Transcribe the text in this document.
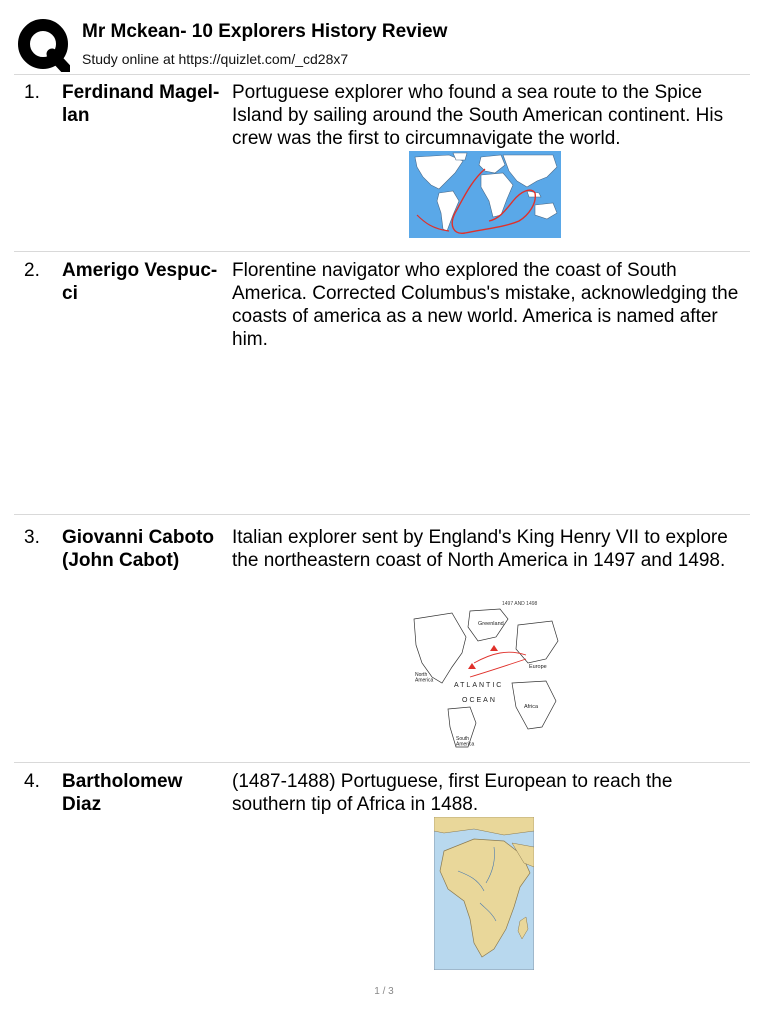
Mr Mckean- 10 Explorers History Review
Study online at https://quizlet.com/_cd28x7
1. Ferdinand Magel-
lan
Portuguese explorer who found a sea route to the Spice Island by sailing around the South American continent. His crew was the first to circumnavigate the world.
2. Amerigo Vespuc-
ci
Florentine navigator who explored the coast of South America. Corrected Columbus's mistake, acknowledging the coasts of america as a new world. America is named after him.
3. Giovanni Caboto
(John Cabot)
Italian explorer sent by England's King Henry VII to explore the northeastern coast of North America in 1497 and 1498.
1497 AND 1498
Greenland
Europe
North America
ATLANTIC
OCEAN
Africa
South America
4. Bartholomew
Diaz
(1487-1488) Portuguese, first European to reach the southern tip of Africa in 1488.
1 / 3
